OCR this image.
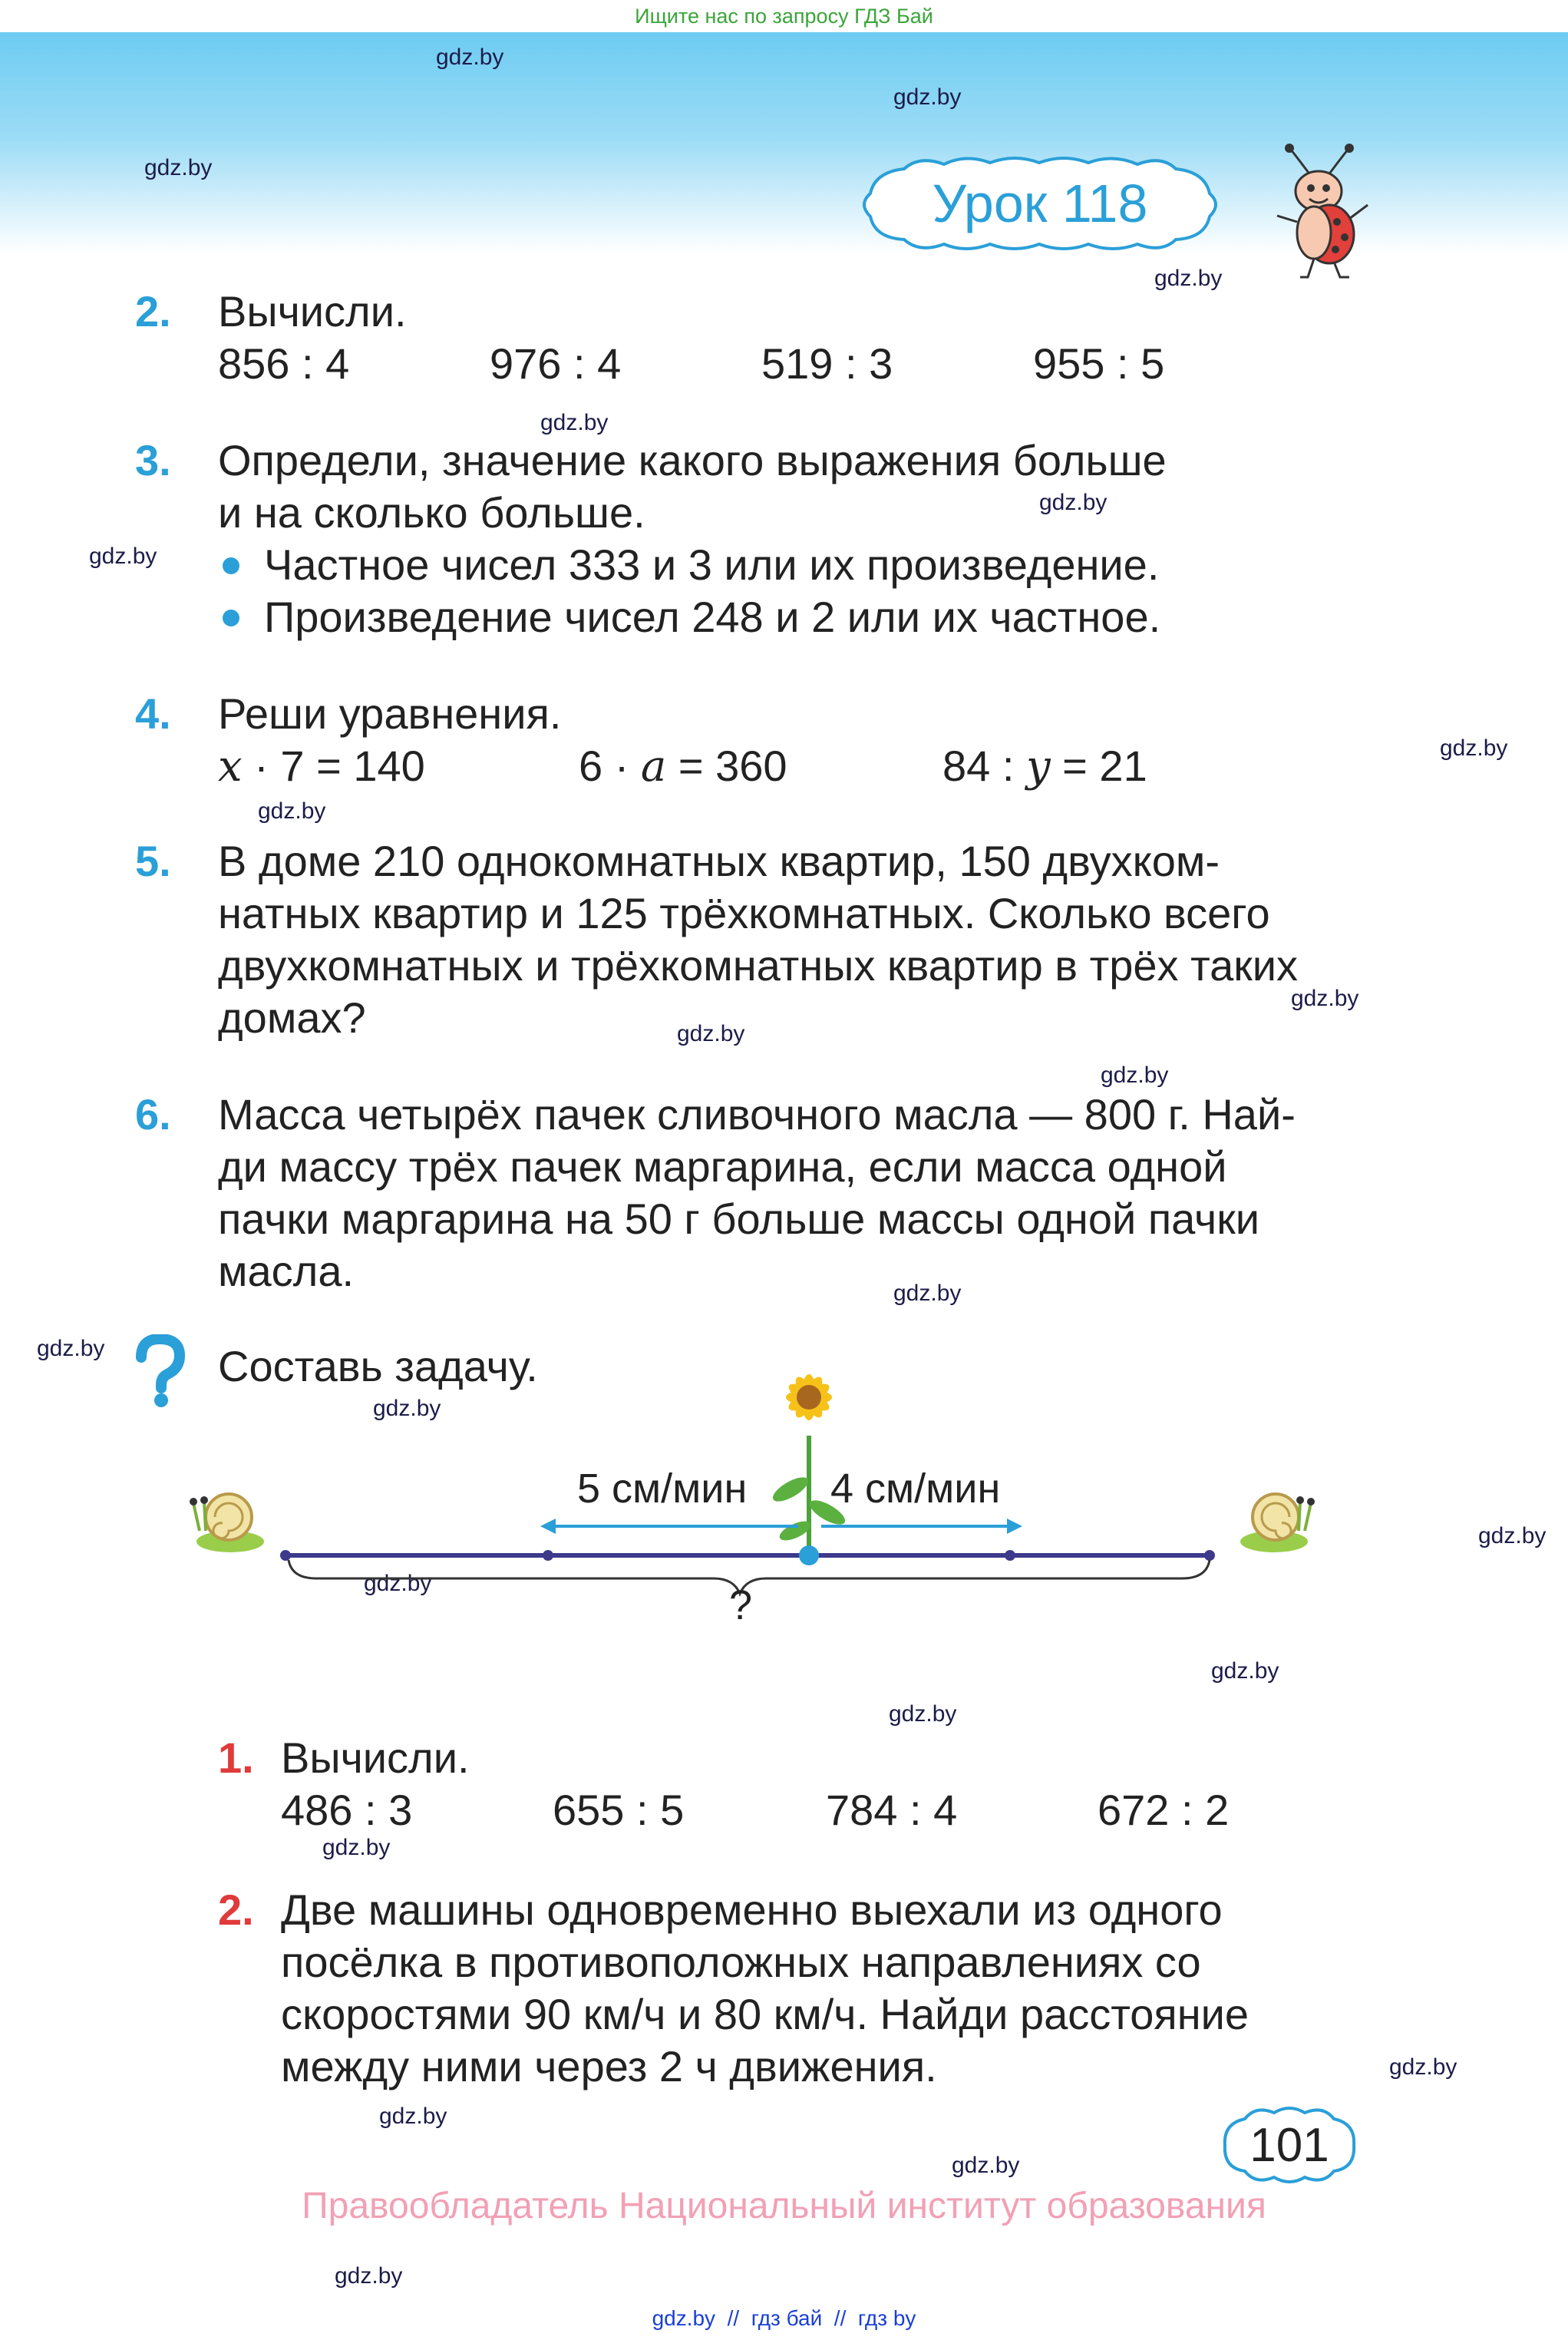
Ищите нас по запросу ГДЗ Бай
gdz.by
gdz.by
gdz.by
gdz.by
gdz.by
gdz.by
gdz.by
gdz.by
gdz.by
gdz.by
gdz.by
gdz.by
gdz.by
gdz.by
gdz.by
gdz.by
gdz.by
gdz.by
gdz.by
gdz.by
gdz.by
gdz.by
gdz.by
gdz.by
Урок 118
2. Вычисли.
856 : 4	976 : 4	519 : 3	955 : 5
3. Определи, значение какого выражения больше
и на сколько больше.
Частное чисел 333 и 3 или их произведение.
Произведение чисел 248 и 2 или их частное.
4. Реши уравнения.
x · 7 = 140	6 · a = 360	84 : y = 21
5. В доме 210 однокомнатных квартир, 150 двухком-
натных квартир и 125 трёхкомнатных. Сколько всего
двухкомнатных и трёхкомнатных квартир в трёх таких
домах?
6. Масса четырёх пачек сливочного масла — 800 г. Най-
ди массу трёх пачек маргарина, если масса одной
пачки маргарина на 50 г больше массы одной пачки
масла.
Составь задачу.
5 см/мин 4 см/мин
?
1. Вычисли.
486 : 3	655 : 5	784 : 4	672 : 2
2. Две машины одновременно выехали из одного
посёлка в противоположных направлениях со
скоростями 90 км/ч и 80 км/ч. Найди расстояние
между ними через 2 ч движения.
101
Правообладатель Национальный институт образования
gdz.by  //  гдз бай  //  гдз by
